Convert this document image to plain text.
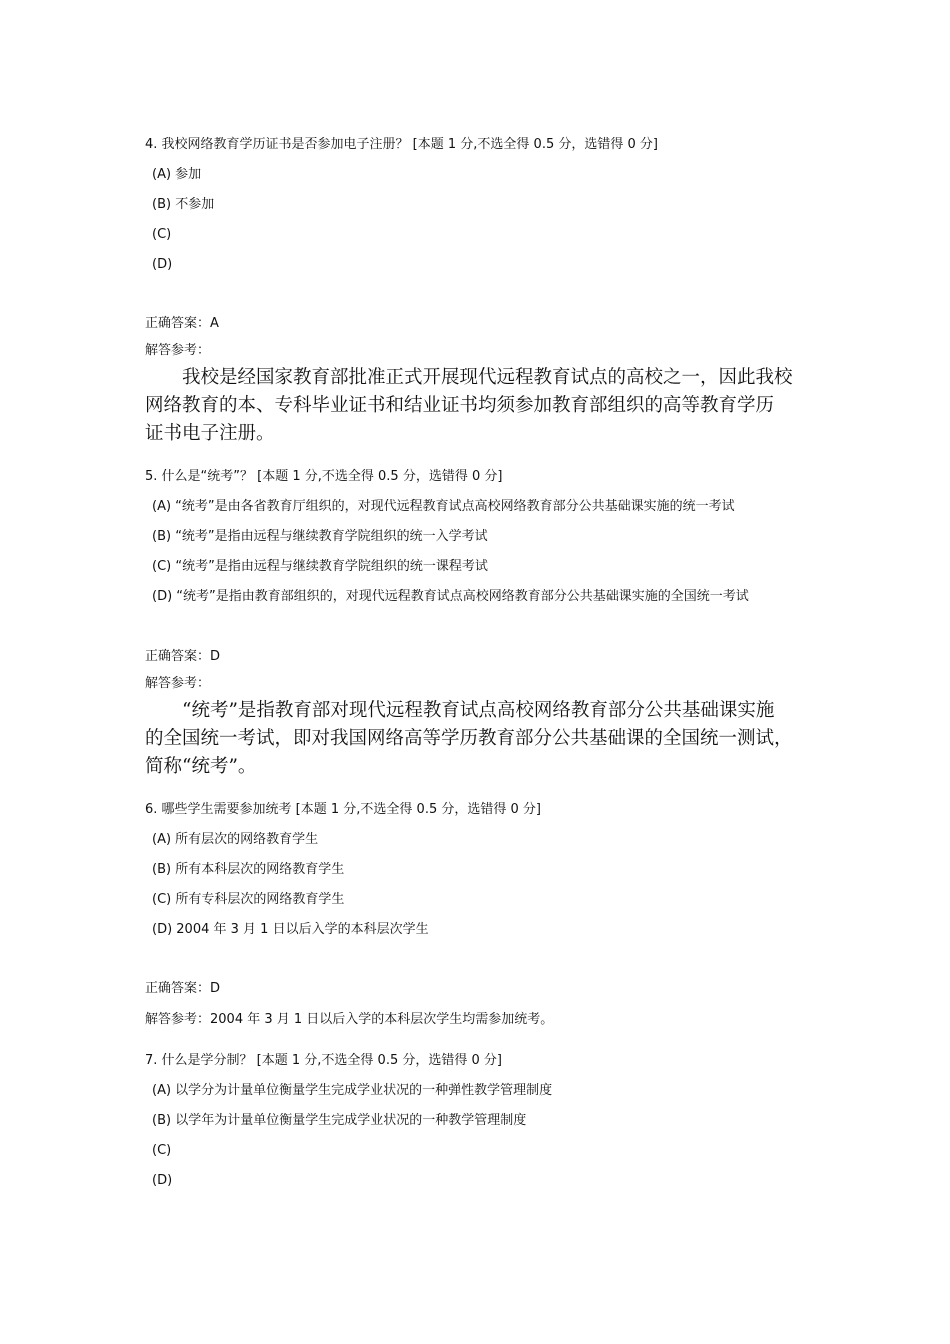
4. 我校网络教育学历证书是否参加电子注册？ [本题 1 分,不选全得 0.5 分，选错得 0 分]
(A) 参加
(B) 不参加
(C)
(D)
正确答案：A
解答参考：
我校是经国家教育部批准正式开展现代远程教育试点的高校之一，因此我校
网络教育的本、专科毕业证书和结业证书均须参加教育部组织的高等教育学历
证书电子注册。
5. 什么是“统考”？ [本题 1 分,不选全得 0.5 分，选错得 0 分]
(A) “统考”是由各省教育厅组织的，对现代远程教育试点高校网络教育部分公共基础课实施的统一考试
(B) “统考”是指由远程与继续教育学院组织的统一入学考试
(C) “统考”是指由远程与继续教育学院组织的统一课程考试
(D) “统考”是指由教育部组织的，对现代远程教育试点高校网络教育部分公共基础课实施的全国统一考试
正确答案：D
解答参考：
“统考”是指教育部对现代远程教育试点高校网络教育部分公共基础课实施
的全国统一考试，即对我国网络高等学历教育部分公共基础课的全国统一测试，
简称“统考”。
6. 哪些学生需要参加统考 [本题 1 分,不选全得 0.5 分，选错得 0 分]
(A) 所有层次的网络教育学生
(B) 所有本科层次的网络教育学生
(C) 所有专科层次的网络教育学生
(D) 2004 年 3 月 1 日以后入学的本科层次学生
正确答案：D
解答参考：2004 年 3 月 1 日以后入学的本科层次学生均需参加统考。
7. 什么是学分制？ [本题 1 分,不选全得 0.5 分，选错得 0 分]
(A) 以学分为计量单位衡量学生完成学业状况的一种弹性教学管理制度
(B) 以学年为计量单位衡量学生完成学业状况的一种教学管理制度
(C)
(D)
